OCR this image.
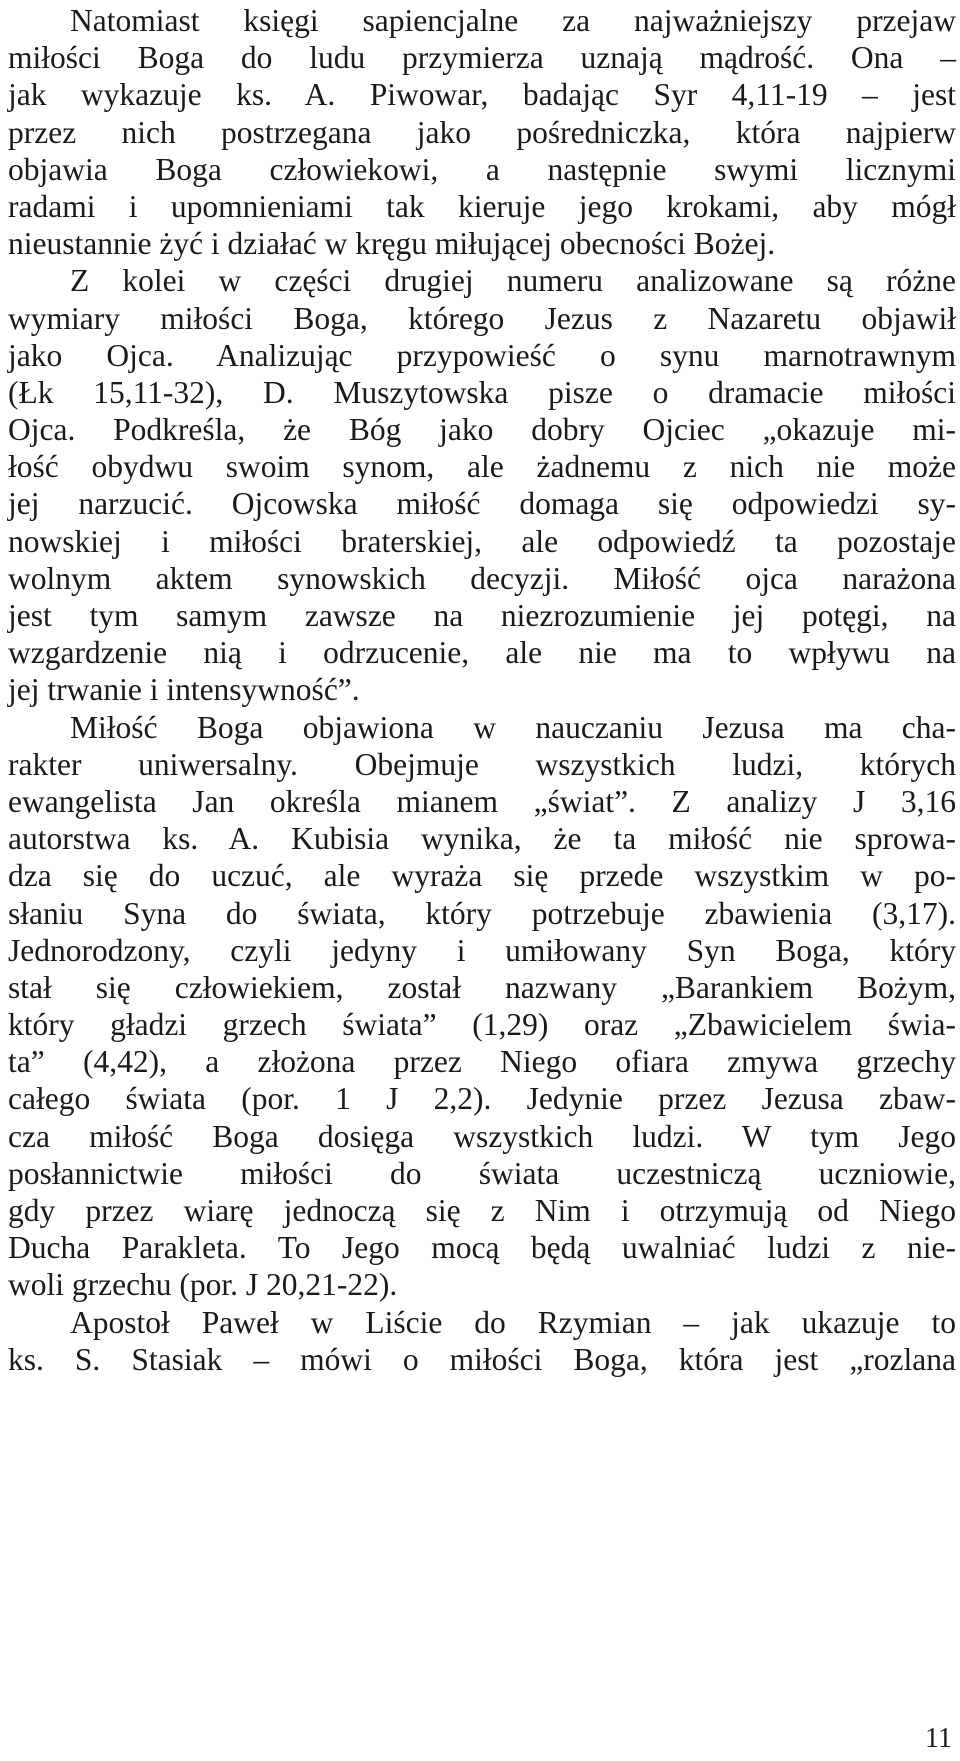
Natomiast księgi sapiencjalne za najważniejszy przejaw
miłości Boga do ludu przymierza uznają mądrość. Ona –
jak wykazuje ks. A. Piwowar, badając Syr 4,11-19 – jest
przez nich postrzegana jako pośredniczka, która najpierw
objawia Boga człowiekowi, a następnie swymi licznymi
radami i upomnieniami tak kieruje jego krokami, aby mógł
nieustannie żyć i działać w kręgu miłującej obecności Bożej.
Z kolei w części drugiej numeru analizowane są różne
wymiary miłości Boga, którego Jezus z Nazaretu objawił
jako Ojca. Analizując przypowieść o synu marnotrawnym
(Łk 15,11-32), D. Muszytowska pisze o dramacie miłości
Ojca. Podkreśla, że Bóg jako dobry Ojciec „okazuje mi-
łość obydwu swoim synom, ale żadnemu z nich nie może
jej narzucić. Ojcowska miłość domaga się odpowiedzi sy-
nowskiej i miłości braterskiej, ale odpowiedź ta pozostaje
wolnym aktem synowskich decyzji. Miłość ojca narażona
jest tym samym zawsze na niezrozumienie jej potęgi, na
wzgardzenie nią i odrzucenie, ale nie ma to wpływu na
jej trwanie i intensywność”.
Miłość Boga objawiona w nauczaniu Jezusa ma cha-
rakter uniwersalny. Obejmuje wszystkich ludzi, których
ewangelista Jan określa mianem „świat”. Z analizy J 3,16
autorstwa ks. A. Kubisia wynika, że ta miłość nie sprowa-
dza się do uczuć, ale wyraża się przede wszystkim w po-
słaniu Syna do świata, który potrzebuje zbawienia (3,17).
Jednorodzony, czyli jedyny i umiłowany Syn Boga, który
stał się człowiekiem, został nazwany „Barankiem Bożym,
który gładzi grzech świata” (1,29) oraz „Zbawicielem świa-
ta” (4,42), a złożona przez Niego ofiara zmywa grzechy
całego świata (por. 1 J 2,2). Jedynie przez Jezusa zbaw-
cza miłość Boga dosięga wszystkich ludzi. W tym Jego
posłannictwie miłości do świata uczestniczą uczniowie,
gdy przez wiarę jednoczą się z Nim i otrzymują od Niego
Ducha Parakleta. To Jego mocą będą uwalniać ludzi z nie-
woli grzechu (por. J 20,21-22).
Apostoł Paweł w Liście do Rzymian – jak ukazuje to
ks. S. Stasiak – mówi o miłości Boga, która jest „rozlana
11
